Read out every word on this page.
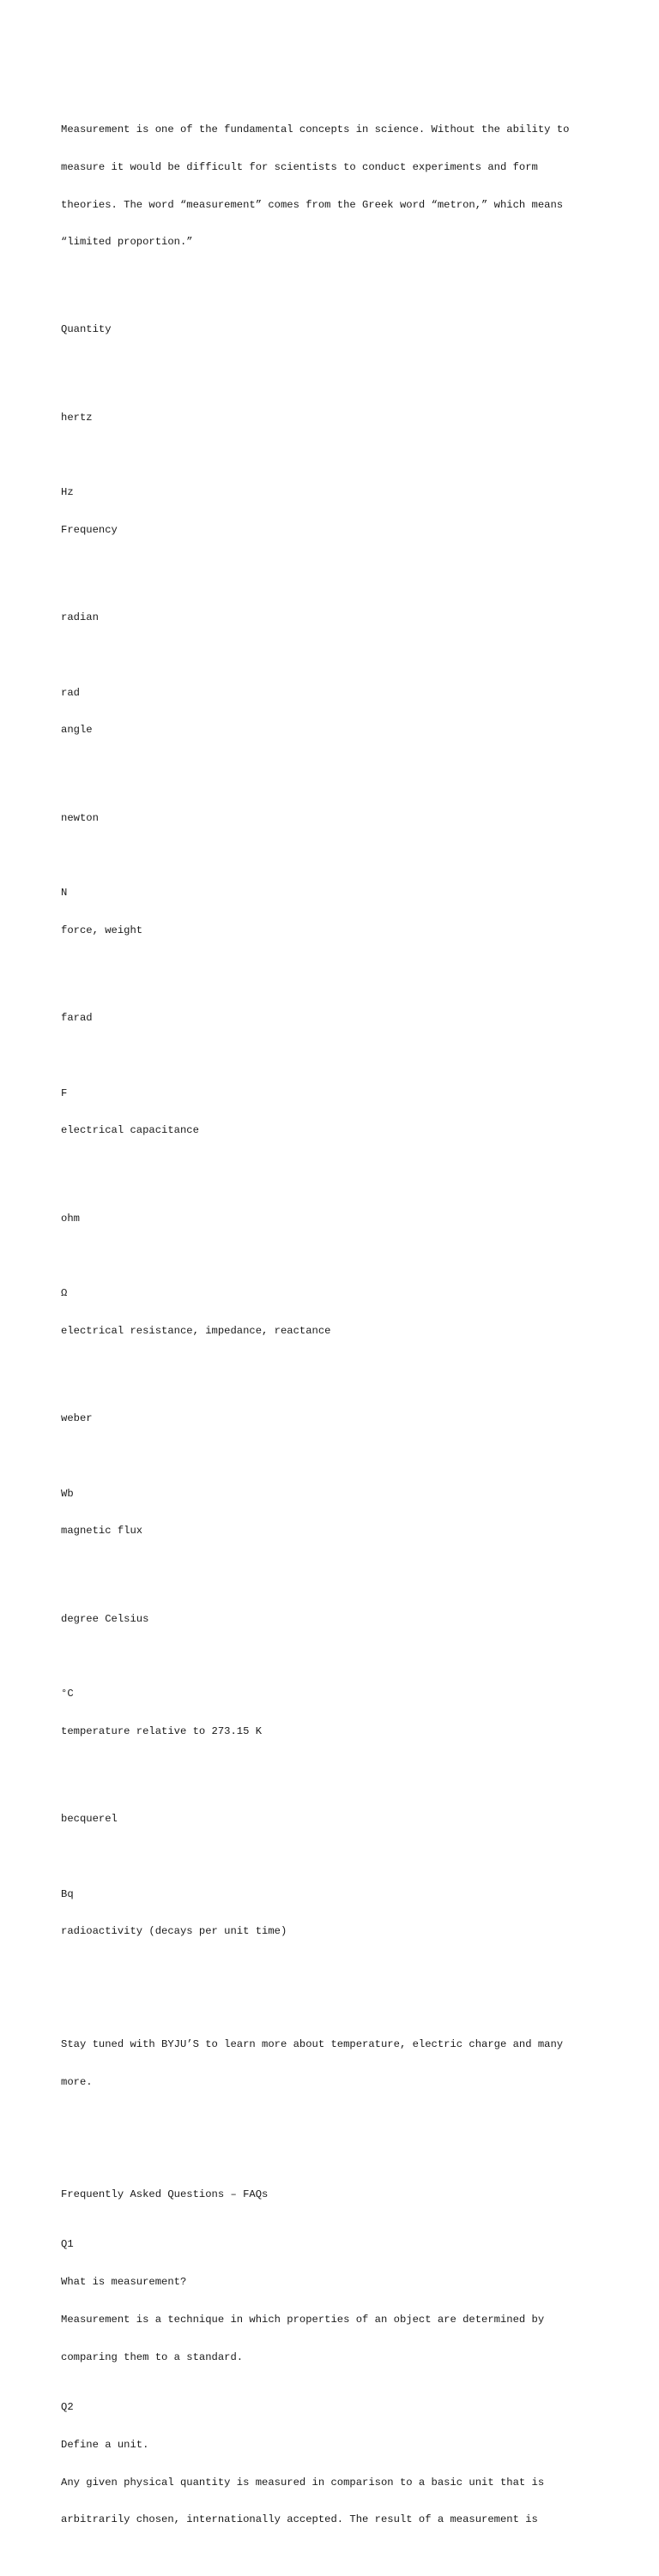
Measurement is one of the fundamental concepts in science. Without the ability to

measure it would be difficult for scientists to conduct experiments and form

theories. The word “measurement” comes from the Greek word “metron,” which means

“limited proportion.”

Quantity

hertz

Hz

Frequency

radian

rad

angle

newton

N

force, weight

farad

F

electrical capacitance

ohm

Ω

electrical resistance, impedance, reactance

weber

Wb

magnetic flux

degree Celsius

°C

temperature relative to 273.15 K

becquerel

Bq

radioactivity (decays per unit time)

Stay tuned with BYJU’S to learn more about temperature, electric charge and many

more.

Frequently Asked Questions – FAQs

Q1

What is measurement?

Measurement is a technique in which properties of an object are determined by

comparing them to a standard.

Q2

Define a unit.

Any given physical quantity is measured in comparison to a basic unit that is

arbitrarily chosen, internationally accepted. The result of a measurement is
